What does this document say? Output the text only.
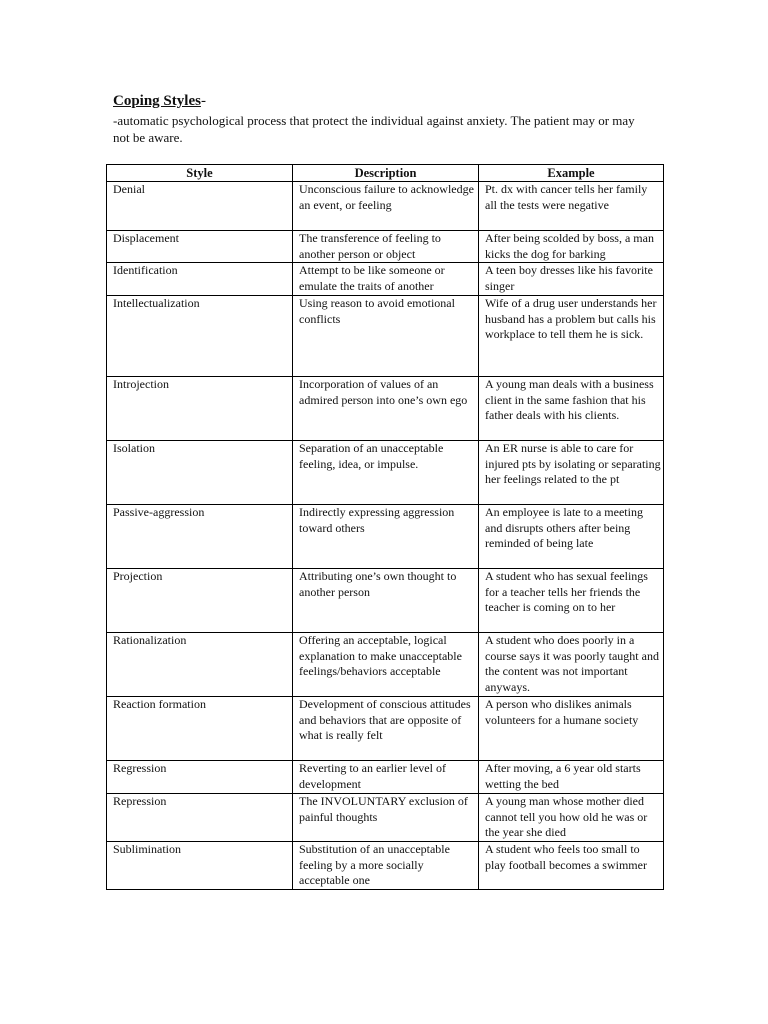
Coping Styles-
-automatic psychological process that protect the individual against anxiety. The patient may or may not be aware.
Style	Description	Example
Denial	Unconscious failure to acknowledge an event, or feeling	Pt. dx with cancer tells her family all the tests were negative
Displacement	The transference of feeling to another person or object	After being scolded by boss, a man kicks the dog for barking
Identification	Attempt to be like someone or emulate the traits of another	A teen boy dresses like his favorite singer
Intellectualization	Using reason to avoid emotional conflicts	Wife of a drug user understands her husband has a problem but calls his workplace to tell them he is sick.
Introjection	Incorporation of values of an admired person into one’s own ego	A young man deals with a business client in the same fashion that his father deals with his clients.
Isolation	Separation of an unacceptable feeling, idea, or impulse.	An ER nurse is able to care for injured pts by isolating or separating her feelings related to the pt
Passive-aggression	Indirectly expressing aggression toward others	An employee is late to a meeting and disrupts others after being reminded of being late
Projection	Attributing one’s own thought to another person	A student who has sexual feelings for a teacher tells her friends the teacher is coming on to her
Rationalization	Offering an acceptable, logical explanation to make unacceptable feelings/behaviors acceptable	A student who does poorly in a course says it was poorly taught and the content was not important anyways.
Reaction formation	Development of conscious attitudes and behaviors that are opposite of what is really felt	A person who dislikes animals volunteers for a humane society
Regression	Reverting to an earlier level of development	After moving, a 6 year old starts wetting the bed
Repression	The INVOLUNTARY exclusion of painful thoughts	A young man whose mother died cannot tell you how old he was or the year she died
Sublimination	Substitution of an unacceptable feeling by a more socially acceptable one	A student who feels too small to play football becomes a swimmer
